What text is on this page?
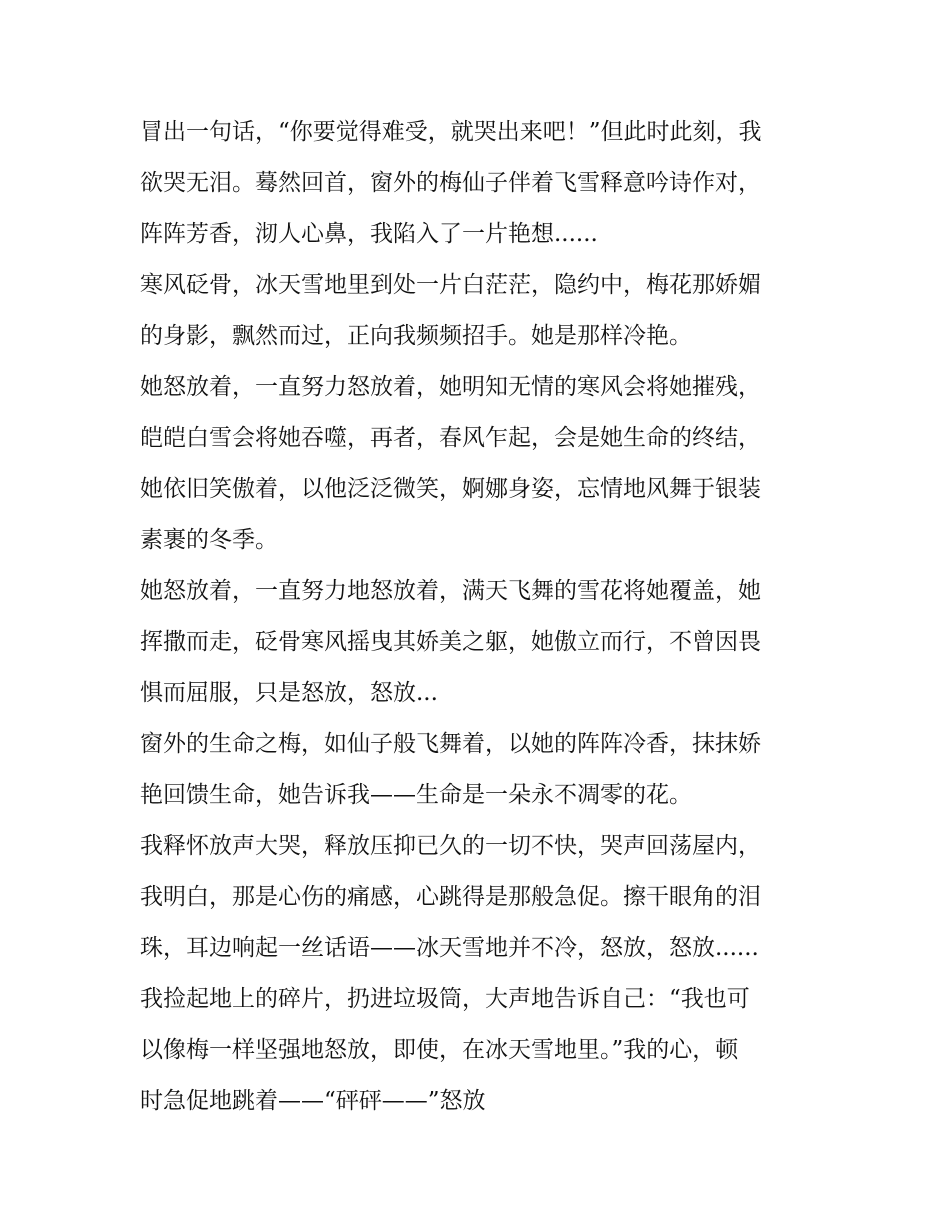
冒出一句话，“你要觉得难受，就哭出来吧！”但此时此刻，我
欲哭无泪。蓦然回首，窗外的梅仙子伴着飞雪释意吟诗作对，
阵阵芳香，沏人心鼻，我陷入了一片艳想......
寒风砭骨，冰天雪地里到处一片白茫茫，隐约中，梅花那娇媚
的身影，飘然而过，正向我频频招手。她是那样冷艳。
她怒放着，一直努力怒放着，她明知无情的寒风会将她摧残，
皑皑白雪会将她吞噬，再者，春风乍起，会是她生命的终结，
她依旧笑傲着，以他泛泛微笑，婀娜身姿，忘情地风舞于银装
素裹的冬季。
她怒放着，一直努力地怒放着，满天飞舞的雪花将她覆盖，她
挥撒而走，砭骨寒风摇曳其娇美之躯，她傲立而行，不曾因畏
惧而屈服，只是怒放，怒放...
窗外的生命之梅，如仙子般飞舞着，以她的阵阵冷香，抹抹娇
艳回馈生命，她告诉我——生命是一朵永不凋零的花。
我释怀放声大哭，释放压抑已久的一切不快，哭声回荡屋内，
我明白，那是心伤的痛感，心跳得是那般急促。擦干眼角的泪
珠，耳边响起一丝话语——冰天雪地并不冷，怒放，怒放......
我捡起地上的碎片，扔进垃圾筒，大声地告诉自己：“我也可
以像梅一样坚强地怒放，即使，在冰天雪地里。”我的心，顿
时急促地跳着——“砰砰——”怒放
